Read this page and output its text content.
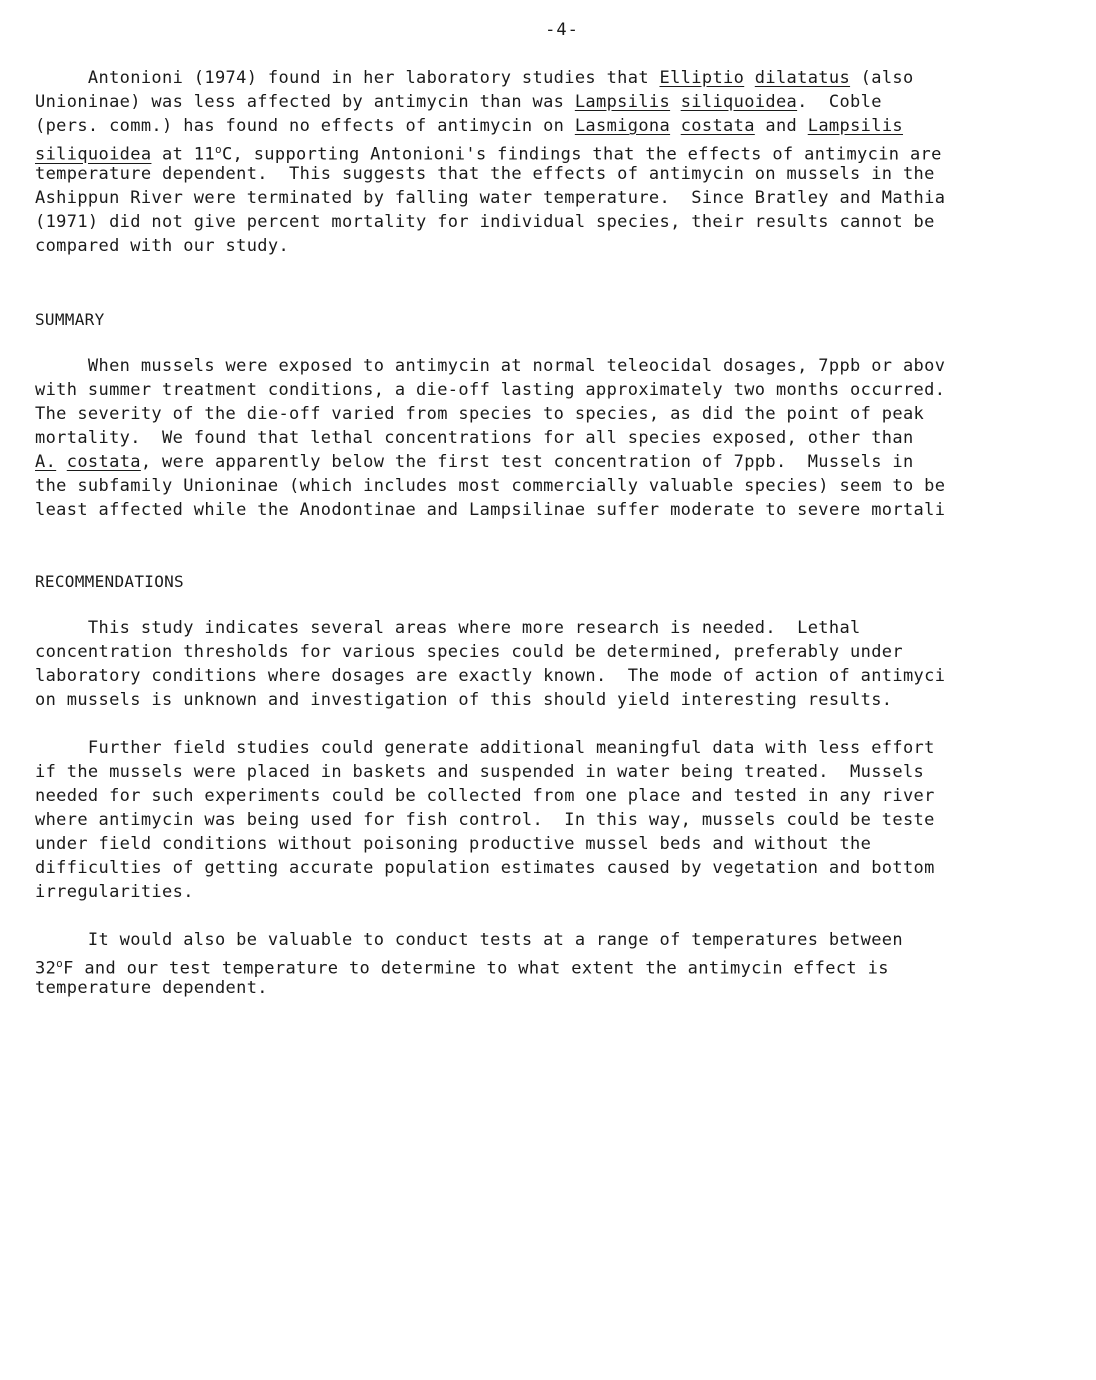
-4-
Antonioni (1974) found in her laboratory studies that Elliptio dilatatus (also
Unioninae) was less affected by antimycin than was Lampsilis siliquoidea.  Coble
(pers. comm.) has found no effects of antimycin on Lasmigona costata and Lampsilis
siliquoidea at 11$^o$C, supporting Antonioni's findings that the effects of antimycin are
temperature dependent.  This suggests that the effects of antimycin on mussels in the
Ashippun River were terminated by falling water temperature.  Since Bratley and Mathia
(1971) did not give percent mortality for individual species, their results cannot be
compared with our study.
SUMMARY
When mussels were exposed to antimycin at normal teleocidal dosages, 7ppb or abov
with summer treatment conditions, a die-off lasting approximately two months occurred.
The severity of the die-off varied from species to species, as did the point of peak
mortality.  We found that lethal concentrations for all species exposed, other than
A. costata, were apparently below the first test concentration of 7ppb.  Mussels in
the subfamily Unioninae (which includes most commercially valuable species) seem to be
least affected while the Anodontinae and Lampsilinae suffer moderate to severe mortali
RECOMMENDATIONS
This study indicates several areas where more research is needed.  Lethal
concentration thresholds for various species could be determined, preferably under
laboratory conditions where dosages are exactly known.  The mode of action of antimyci
on mussels is unknown and investigation of this should yield interesting results.
Further field studies could generate additional meaningful data with less effort
if the mussels were placed in baskets and suspended in water being treated.  Mussels
needed for such experiments could be collected from one place and tested in any river
where antimycin was being used for fish control.  In this way, mussels could be teste
under field conditions without poisoning productive mussel beds and without the
difficulties of getting accurate population estimates caused by vegetation and bottom
irregularities.
It would also be valuable to conduct tests at a range of temperatures between
32$^o$F and our test temperature to determine to what extent the antimycin effect is
temperature dependent.
